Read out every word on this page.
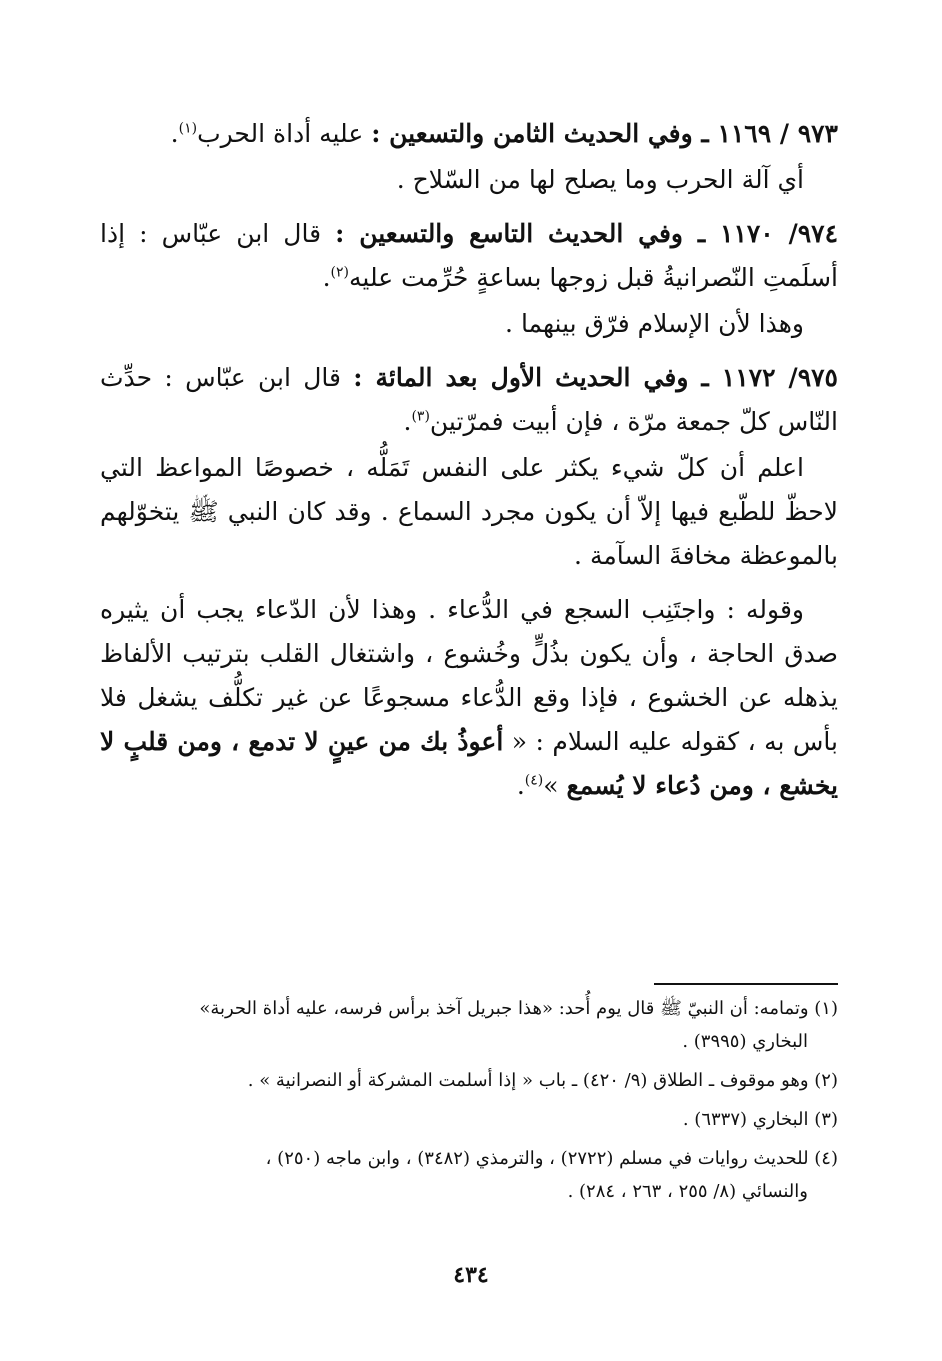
٩٧٣ / ١١٦٩ ـ وفي الحديث الثامن والتسعين : عليه أداة الحرب$^{(١)}$.

أي آلة الحرب وما يصلح لها من السّلاح .

٩٧٤/ ١١٧٠ ـ وفي الحديث التاسع والتسعين : قال ابن عبّاس : إذا أسلَمتِ النّصرانيةُ قبل زوجها بساعةٍ حُرِّمت عليه$^{(٢)}$.

وهذا لأن الإسلام فرّق بينهما .

٩٧٥/ ١١٧٢ ـ وفي الحديث الأول بعد المائة : قال ابن عبّاس : حدِّث النّاس كلّ جمعة مرّة ، فإن أبيت فمرّتين$^{(٣)}$.

اعلم أن كلّ شيء يكثر على النفس تَمَلُّه ، خصوصًا المواعظ التي لاحظّ للطّبع فيها إلاّ أن يكون مجرد السماع . وقد كان النبي ﷺ يتخوّلهم بالموعظة مخافةَ السآمة .

وقوله : واجتَنِب السجع في الدُّعاء . وهذا لأن الدّعاء يجب أن يثيره صدق الحاجة ، وأن يكون بذُلٍّ وخُشوع ، واشتغال القلب بترتيب الألفاظ يذهله عن الخشوع ، فإذا وقع الدُّعاء مسجوعًا عن غير تكلُّف يشغل فلا بأس به ، كقوله عليه السلام : « أعوذُ بك من عينٍ لا تدمع ، ومن قلبٍ لا يخشع ، ومن دُعاء لا يُسمع »$^{(٤)}$.

(١) وتمامه: أن النبيّ ﷺ قال يوم أُحد: «هذا جبريل آخذ برأس فرسه، عليه أداة الحربة»
البخاري (٣٩٩٥) .

(٢) وهو موقوف ـ الطلاق (٩/ ٤٢٠) ـ باب « إذا أسلمت المشركة أو النصرانية » .

(٣) البخاري (٦٣٣٧) .

(٤) للحديث روايات في مسلم (٢٧٢٢) ، والترمذي (٣٤٨٢) ، وابن ماجه (٢٥٠) ،
والنسائي (٨/ ٢٥٥ ، ٢٦٣ ، ٢٨٤) .

٤٣٤
